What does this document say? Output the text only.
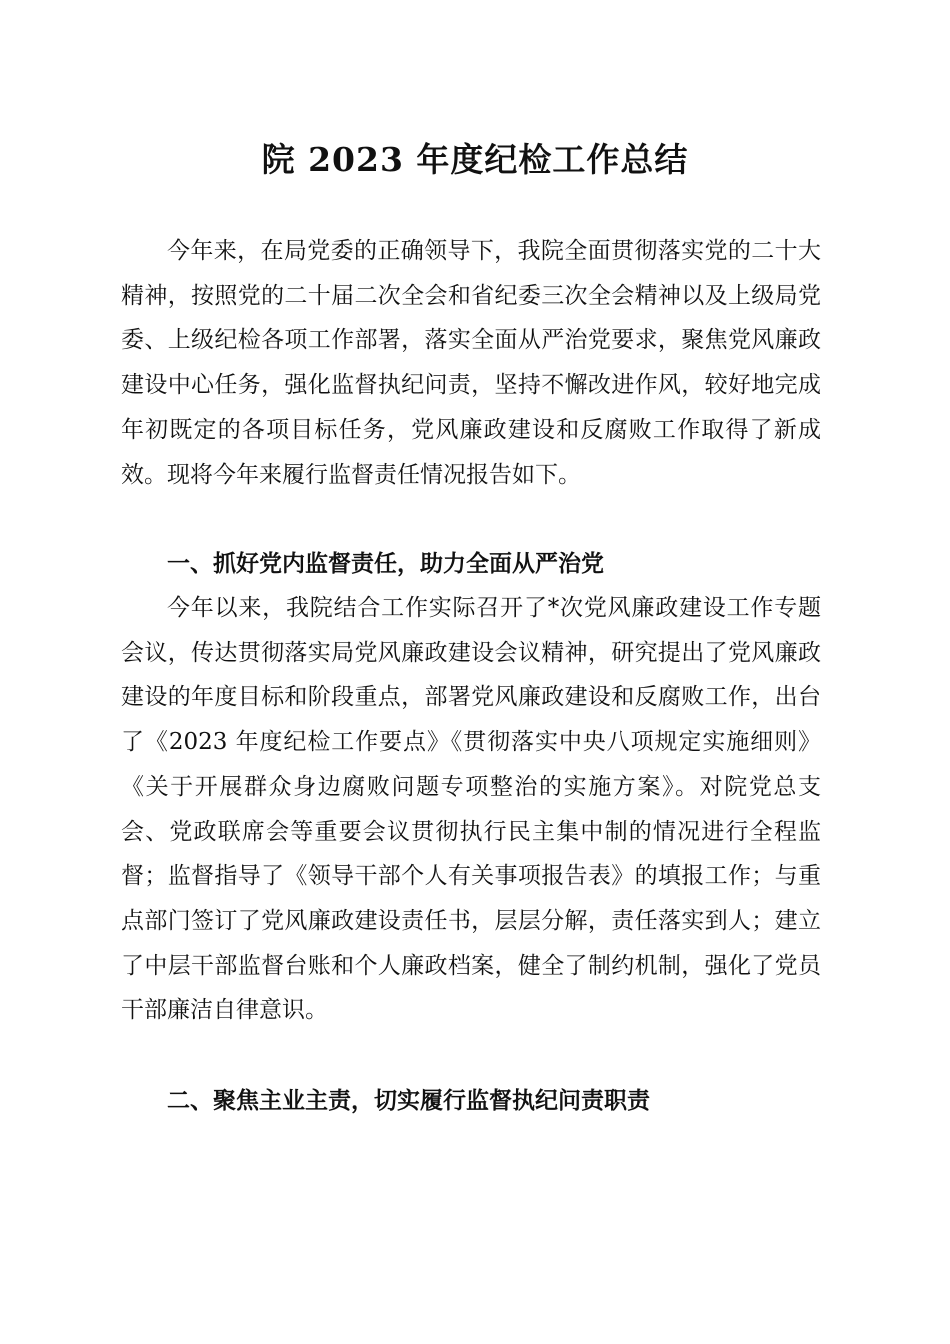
院 2023 年度纪检工作总结

今年来，在局党委的正确领导下，我院全面贯彻落实党的二十大精神，按照党的二十届二次全会和省纪委三次全会精神以及上级局党委、上级纪检各项工作部署，落实全面从严治党要求，聚焦党风廉政建设中心任务，强化监督执纪问责，坚持不懈改进作风，较好地完成年初既定的各项目标任务，党风廉政建设和反腐败工作取得了新成效。现将今年来履行监督责任情况报告如下。

一、抓好党内监督责任，助力全面从严治党

今年以来，我院结合工作实际召开了*次党风廉政建设工作专题会议，传达贯彻落实局党风廉政建设会议精神，研究提出了党风廉政建设的年度目标和阶段重点，部署党风廉政建设和反腐败工作，出台了《2023 年度纪检工作要点》《贯彻落实中央八项规定实施细则》《关于开展群众身边腐败问题专项整治的实施方案》。对院党总支会、党政联席会等重要会议贯彻执行民主集中制的情况进行全程监督；监督指导了《领导干部个人有关事项报告表》的填报工作；与重点部门签订了党风廉政建设责任书，层层分解，责任落实到人；建立了中层干部监督台账和个人廉政档案，健全了制约机制，强化了党员干部廉洁自律意识。

二、聚焦主业主责，切实履行监督执纪问责职责
